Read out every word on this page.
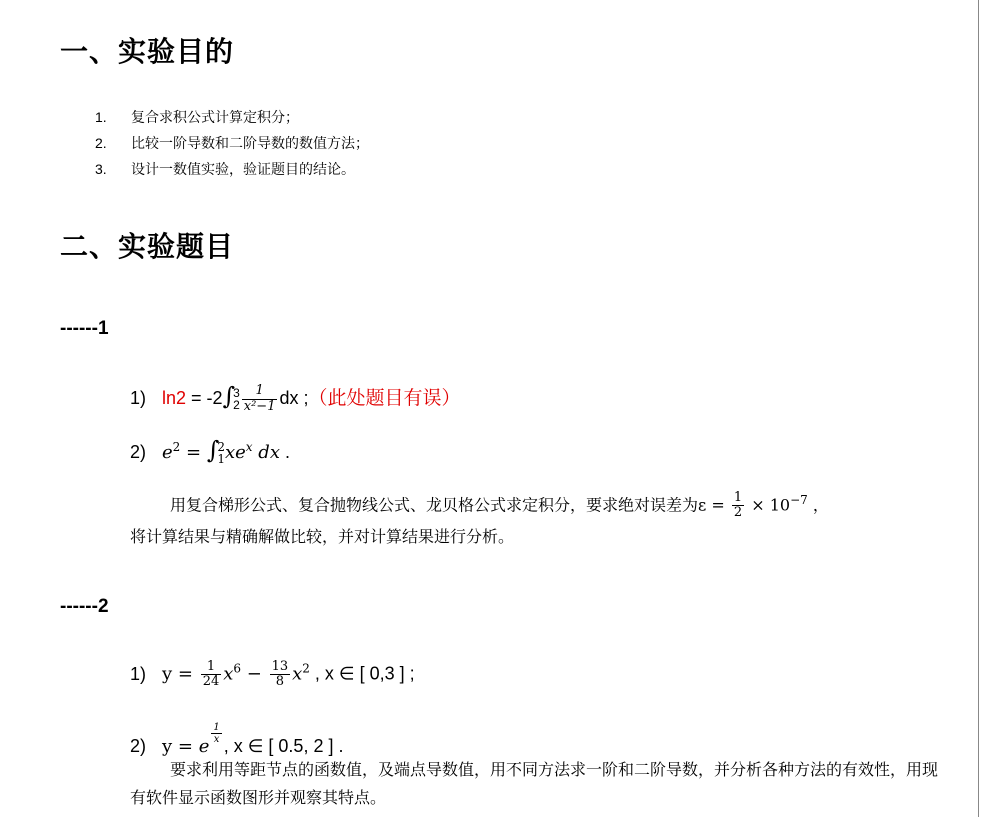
一、实验目的
1. 复合求积公式计算定积分；
2. 比较一阶导数和二阶导数的数值方法；
3. 设计一数值实验，验证题目的结论。
二、实验题目
------1
1) ln2 = -2∫
3
$2 \frac{1}{\text{x²−1}}$ dx ;（此处题目有误）
2) $e^2$ = ∫
2
1 $xe^x$ dx .
用复合梯形公式、复合抛物线公式、龙贝格公式求定积分，要求绝对误差为$\varepsilon = \frac{1}{2} \times 10^{-7}$ ，
将计算结果与精确解做比较，并对计算结果进行分析。
------2
1) $y = \frac{1}{24} x^6 - \frac{13}{8} x^2$ , x ∈ [ 0,3 ] ;
2) y = e
$\frac{1}{x}$
, x ∈ [ 0.5, 2 ] .
要求利用等距节点的函数值，及端点导数值，用不同方法求一阶和二阶导数，并分析各种方法的有效性，用现有软件显示函数图形并观察其特点。
